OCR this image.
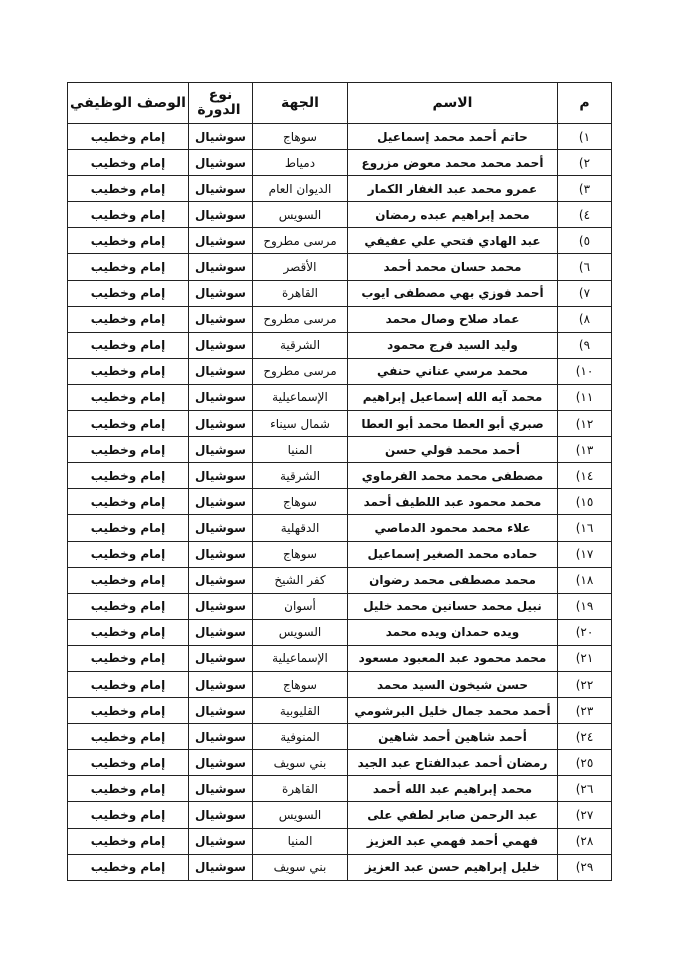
م	الاسم	الجهة	نوع الدورة	الوصف الوظيفي
١)	حاتم أحمد محمد إسماعيل	سوهاج	سوشيال	إمام وخطيب
٢)	أحمد محمد محمد معوض مزروع	دمياط	سوشيال	إمام وخطيب
٣)	عمرو محمد عبد الغفار الكمار	الديوان العام	سوشيال	إمام وخطيب
٤)	محمد إبراهيم عبده رمضان	السويس	سوشيال	إمام وخطيب
٥)	عبد الهادي فتحي علي عفيفي	مرسى مطروح	سوشيال	إمام وخطيب
٦)	محمد حسان محمد أحمد	الأقصر	سوشيال	إمام وخطيب
٧)	أحمد فوزي بهي مصطفى ايوب	القاهرة	سوشيال	إمام وخطيب
٨)	عماد صلاح وصال محمد	مرسى مطروح	سوشيال	إمام وخطيب
٩)	وليد السيد فرج محمود	الشرقية	سوشيال	إمام وخطيب
١٠)	محمد مرسي عناني حنفي	مرسى مطروح	سوشيال	إمام وخطيب
١١)	محمد آيه الله إسماعيل إبراهيم	الإسماعيلية	سوشيال	إمام وخطيب
١٢)	صبري أبو العطا محمد أبو العطا	شمال سيناء	سوشيال	إمام وخطيب
١٣)	أحمد محمد فولي حسن	المنيا	سوشيال	إمام وخطيب
١٤)	مصطفى محمد محمد الفرماوي	الشرقية	سوشيال	إمام وخطيب
١٥)	محمد محمود عبد اللطيف أحمد	سوهاج	سوشيال	إمام وخطيب
١٦)	علاء محمد محمود الدماصي	الدقهلية	سوشيال	إمام وخطيب
١٧)	حماده محمد الصغير إسماعيل	سوهاج	سوشيال	إمام وخطيب
١٨)	محمد مصطفى محمد رضوان	كفر الشيخ	سوشيال	إمام وخطيب
١٩)	نبيل محمد حسانين محمد خليل	أسوان	سوشيال	إمام وخطيب
٢٠)	ويده حمدان ويده محمد	السويس	سوشيال	إمام وخطيب
٢١)	محمد محمود عبد المعبود مسعود	الإسماعيلية	سوشيال	إمام وخطيب
٢٢)	حسن شيخون السيد محمد	سوهاج	سوشيال	إمام وخطيب
٢٣)	أحمد محمد جمال خليل البرشومي	القليوبية	سوشيال	إمام وخطيب
٢٤)	أحمد شاهين أحمد شاهين	المنوفية	سوشيال	إمام وخطيب
٢٥)	رمضان أحمد عبدالفتاح عبد الجيد	بني سويف	سوشيال	إمام وخطيب
٢٦)	محمد إبراهيم عبد الله أحمد	القاهرة	سوشيال	إمام وخطيب
٢٧)	عبد الرحمن صابر لطفي على	السويس	سوشيال	إمام وخطيب
٢٨)	فهمي أحمد فهمي عبد العزيز	المنيا	سوشيال	إمام وخطيب
٢٩)	خليل إبراهيم حسن عبد العزيز	بني سويف	سوشيال	إمام وخطيب
